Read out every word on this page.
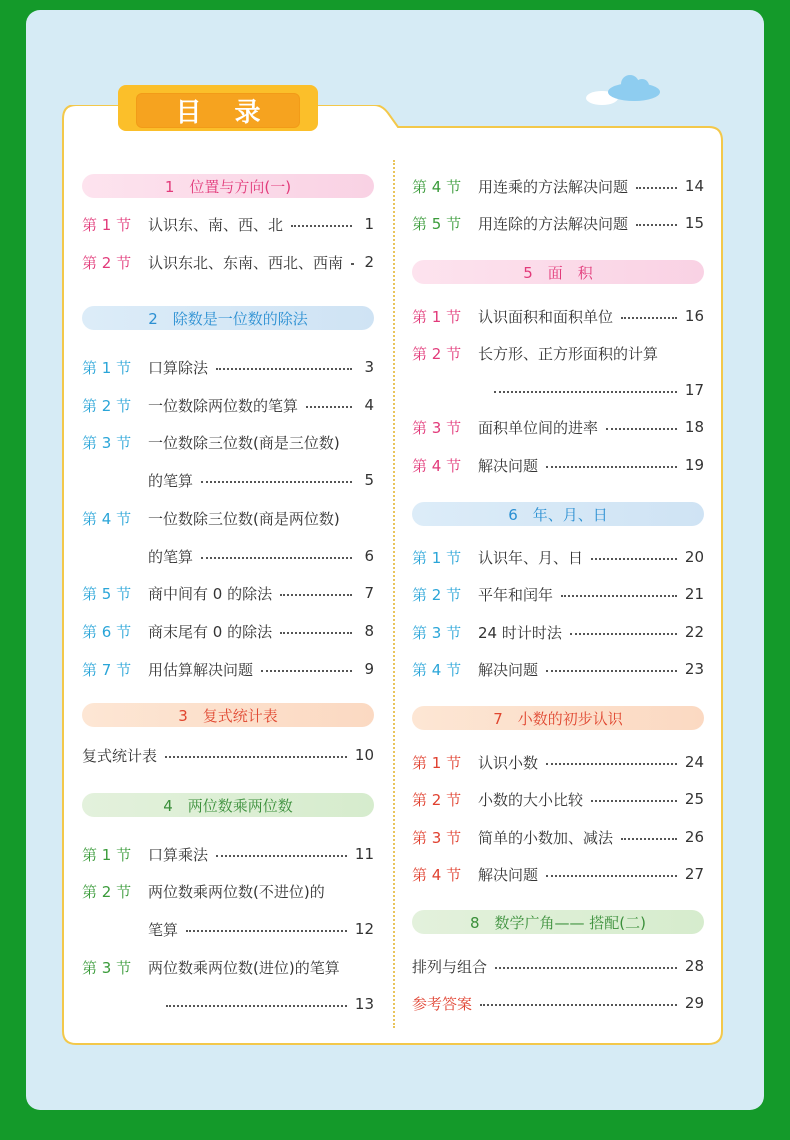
目 录
1　位置与方向(一)
第 1 节	认识东、南、西、北	1
第 2 节	认识东北、东南、西北、西南 2
2　除数是一位数的除法
第 1 节	口算除法	3
第 2 节	一位数除两位数的笔算	4
第 3 节	一位数除三位数(商是三位数)
的笔算	5
第 4 节	一位数除三位数(商是两位数)
的笔算	6
第 5 节	商中间有 0 的除法	7
第 6 节	商末尾有 0 的除法	8
第 7 节	用估算解决问题	9
3　复式统计表
复式统计表	10
4　两位数乘两位数
第 1 节	口算乘法	11
第 2 节	两位数乘两位数(不进位)的
笔算	12
第 3 节	两位数乘两位数(进位)的笔算
13
第 4 节	用连乘的方法解决问题	14
第 5 节	用连除的方法解决问题	15
5　面　积
第 1 节	认识面积和面积单位	16
第 2 节	长方形、正方形面积的计算
17
第 3 节	面积单位间的进率	18
第 4 节	解决问题	19
6　年、月、日
第 1 节	认识年、月、日	20
第 2 节	平年和闰年	21
第 3 节	24 时计时法	22
第 4 节	解决问题	23
7　小数的初步认识
第 1 节	认识小数	24
第 2 节	小数的大小比较	25
第 3 节	简单的小数加、减法	26
第 4 节	解决问题	27
8　数学广角—— 搭配(二)
排列与组合	28
参考答案	29
